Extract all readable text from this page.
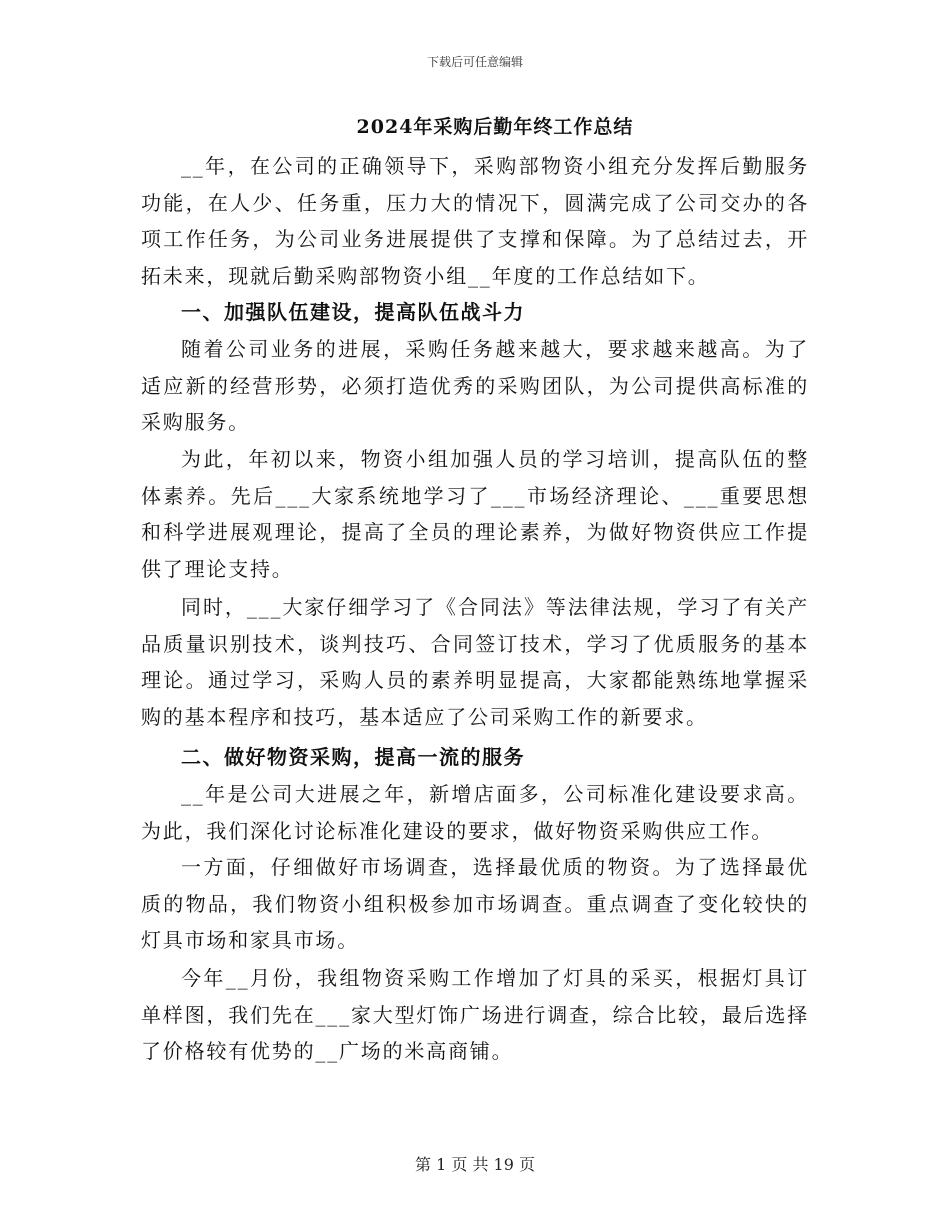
下载后可任意编辑
2024年采购后勤年终工作总结

__年，在公司的正确领导下，采购部物资小组充分发挥后勤服务功能，在人少、任务重，压力大的情况下，圆满完成了公司交办的各项工作任务，为公司业务进展提供了支撑和保障。为了总结过去，开拓未来，现就后勤采购部物资小组__年度的工作总结如下。

一、加强队伍建设，提高队伍战斗力

随着公司业务的进展，采购任务越来越大，要求越来越高。为了适应新的经营形势，必须打造优秀的采购团队，为公司提供高标准的采购服务。

为此，年初以来，物资小组加强人员的学习培训，提高队伍的整体素养。先后___大家系统地学习了___市场经济理论、___重要思想和科学进展观理论，提高了全员的理论素养，为做好物资供应工作提供了理论支持。

同时，___大家仔细学习了《合同法》等法律法规，学习了有关产品质量识别技术，谈判技巧、合同签订技术，学习了优质服务的基本理论。通过学习，采购人员的素养明显提高，大家都能熟练地掌握采购的基本程序和技巧，基本适应了公司采购工作的新要求。

二、做好物资采购，提高一流的服务

__年是公司大进展之年，新增店面多，公司标准化建设要求高。为此，我们深化讨论标准化建设的要求，做好物资采购供应工作。

一方面，仔细做好市场调查，选择最优质的物资。为了选择最优质的物品，我们物资小组积极参加市场调查。重点调查了变化较快的灯具市场和家具市场。

今年__月份，我组物资采购工作增加了灯具的采买，根据灯具订单样图，我们先在___家大型灯饰广场进行调查，综合比较，最后选择了价格较有优势的__广场的米高商铺。

第 1 页 共 19 页
